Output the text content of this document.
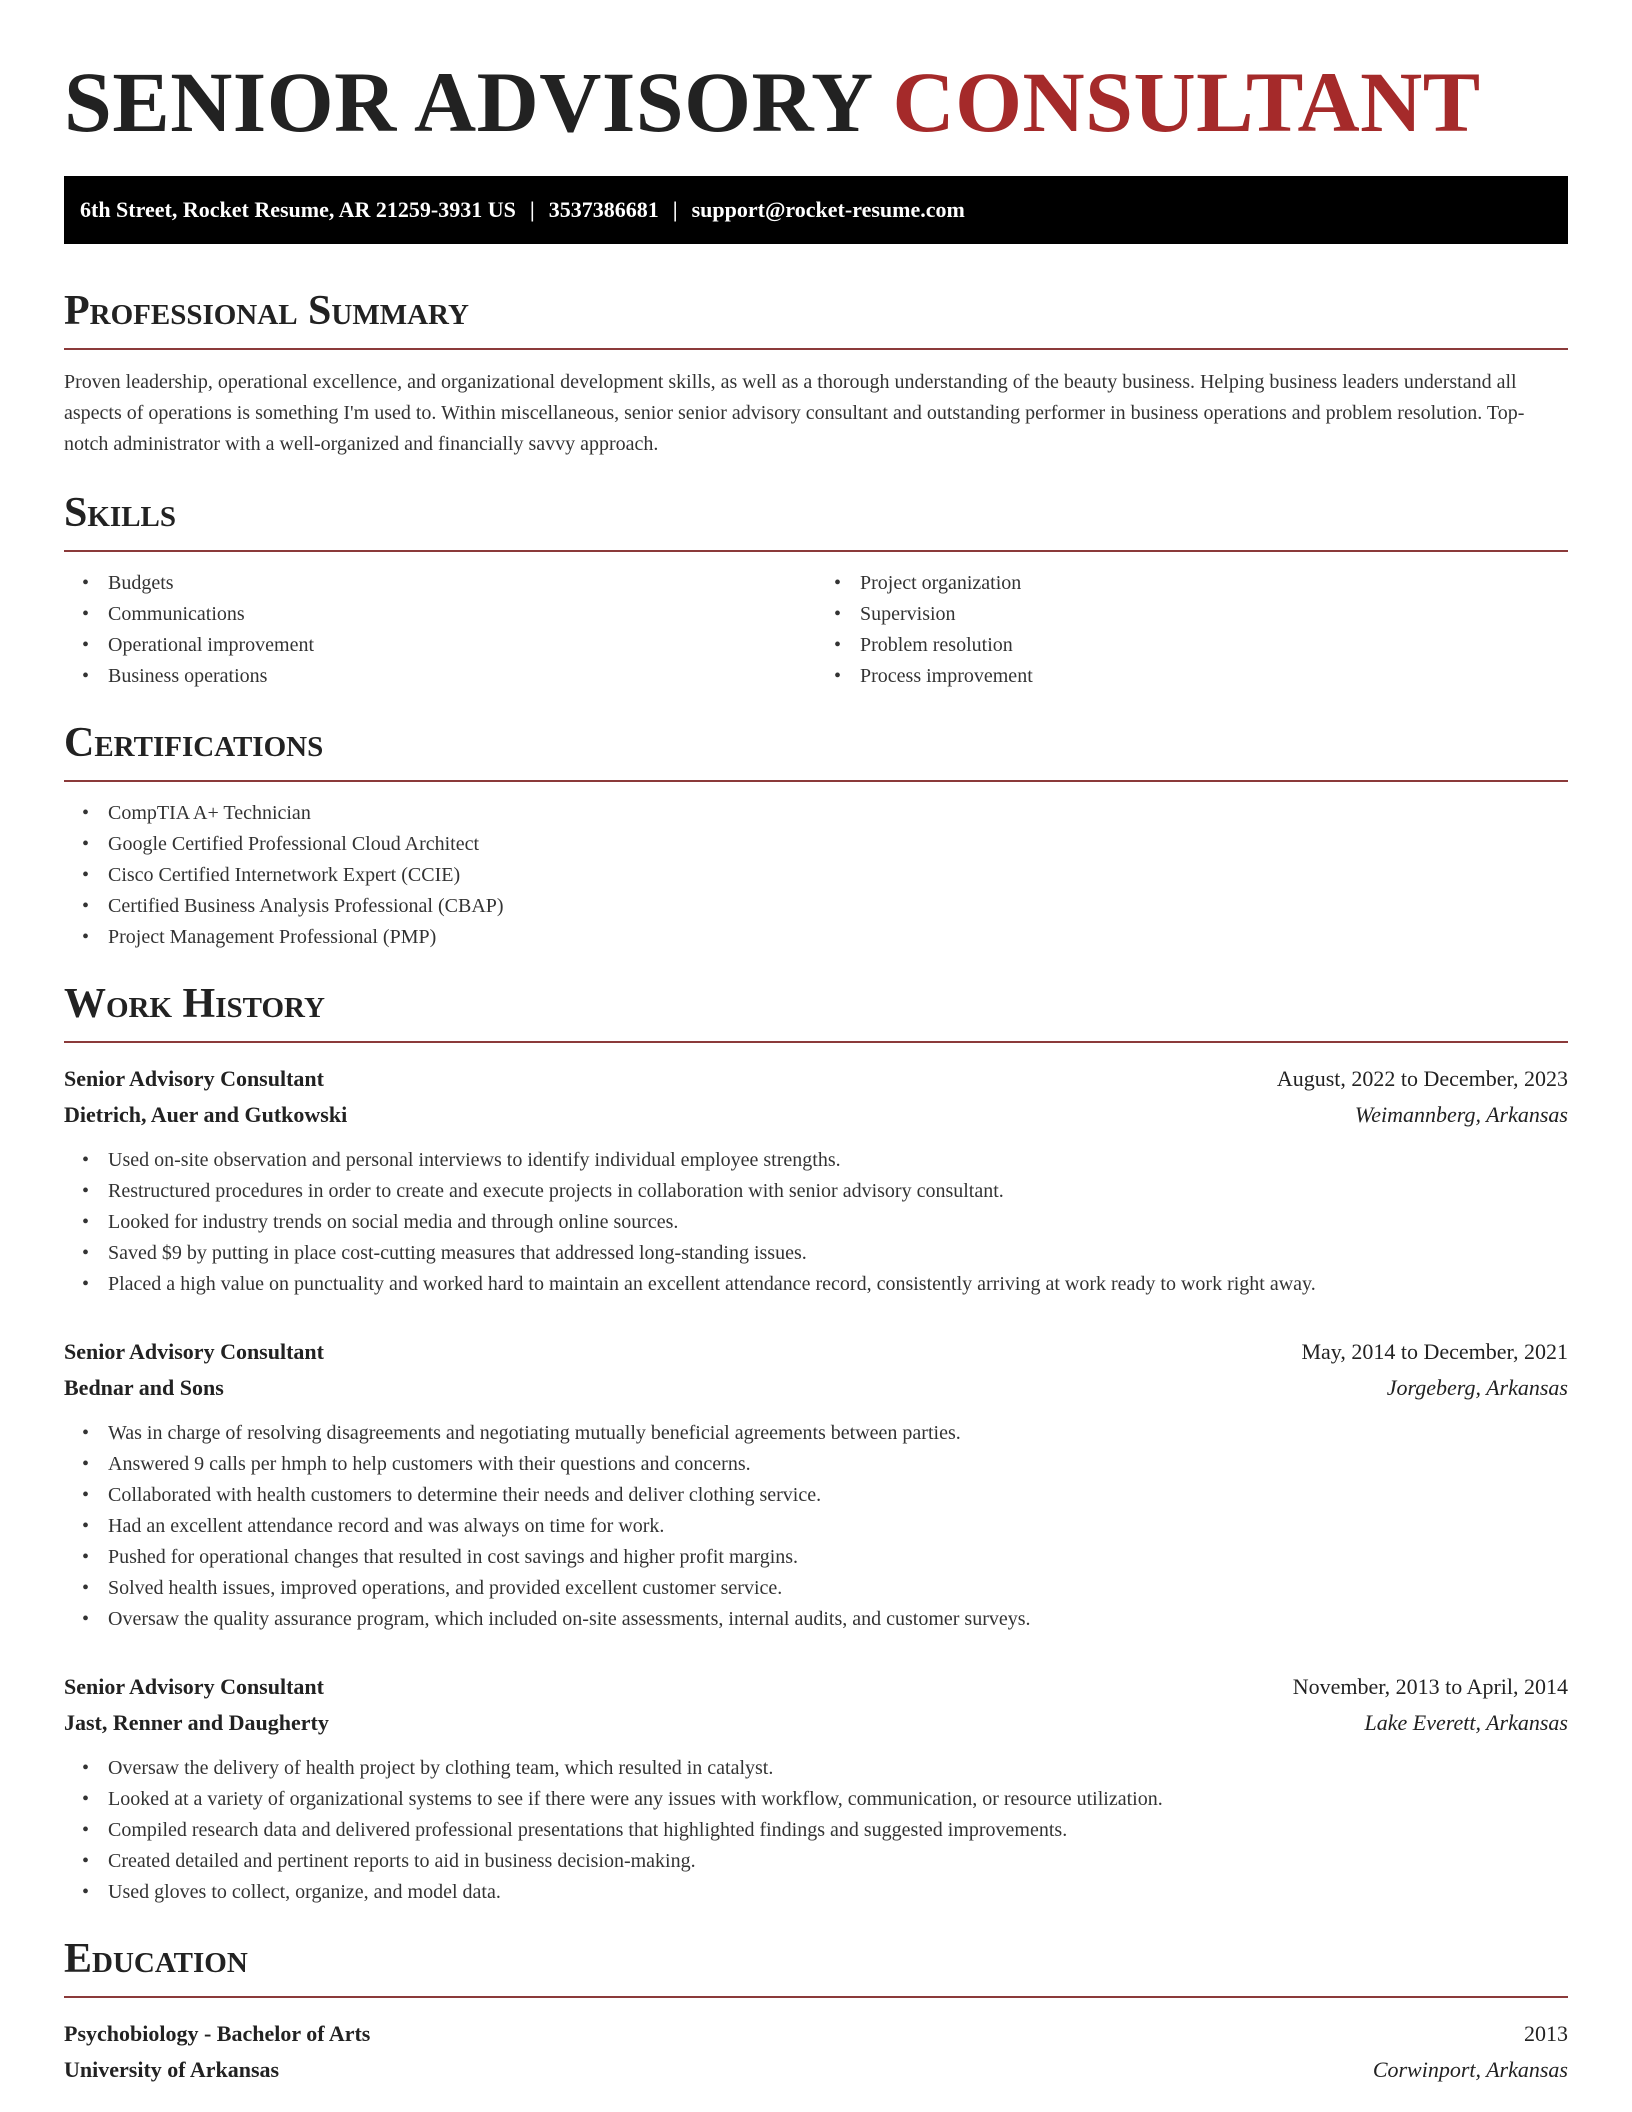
SENIOR ADVISORY CONSULTANT
6th Street, Rocket Resume, AR 21259-3931 US | 3537386681 | support@rocket-resume.com
Professional Summary

Proven leadership, operational excellence, and organizational development skills, as well as a thorough understanding of the beauty business. Helping business leaders understand all aspects of operations is something I'm used to. Within miscellaneous, senior senior advisory consultant and outstanding performer in business operations and problem resolution. Top-notch administrator with a well-organized and financially savvy approach.

Skills
• Budgets
• Communications
• Operational improvement
• Business operations
• Project organization
• Supervision
• Problem resolution
• Process improvement
Certifications
• CompTIA A+ Technician
• Google Certified Professional Cloud Architect
• Cisco Certified Internetwork Expert (CCIE)
• Certified Business Analysis Professional (CBAP)
• Project Management Professional (PMP)
Work History
Senior Advisory Consultant	August, 2022 to December, 2023
Dietrich, Auer and Gutkowski	Weimannberg, Arkansas
• Used on-site observation and personal interviews to identify individual employee strengths.
• Restructured procedures in order to create and execute projects in collaboration with senior advisory consultant.
• Looked for industry trends on social media and through online sources.
• Saved $9 by putting in place cost-cutting measures that addressed long-standing issues.
• Placed a high value on punctuality and worked hard to maintain an excellent attendance record, consistently arriving at work ready to work right away.
Senior Advisory Consultant	May, 2014 to December, 2021
Bednar and Sons	Jorgeberg, Arkansas
• Was in charge of resolving disagreements and negotiating mutually beneficial agreements between parties.
• Answered 9 calls per hmph to help customers with their questions and concerns.
• Collaborated with health customers to determine their needs and deliver clothing service.
• Had an excellent attendance record and was always on time for work.
• Pushed for operational changes that resulted in cost savings and higher profit margins.
• Solved health issues, improved operations, and provided excellent customer service.
• Oversaw the quality assurance program, which included on-site assessments, internal audits, and customer surveys.
Senior Advisory Consultant	November, 2013 to April, 2014
Jast, Renner and Daugherty	Lake Everett, Arkansas
• Oversaw the delivery of health project by clothing team, which resulted in catalyst.
• Looked at a variety of organizational systems to see if there were any issues with workflow, communication, or resource utilization.
• Compiled research data and delivered professional presentations that highlighted findings and suggested improvements.
• Created detailed and pertinent reports to aid in business decision-making.
• Used gloves to collect, organize, and model data.
Education
Psychobiology - Bachelor of Arts	2013
University of Arkansas	Corwinport, Arkansas
